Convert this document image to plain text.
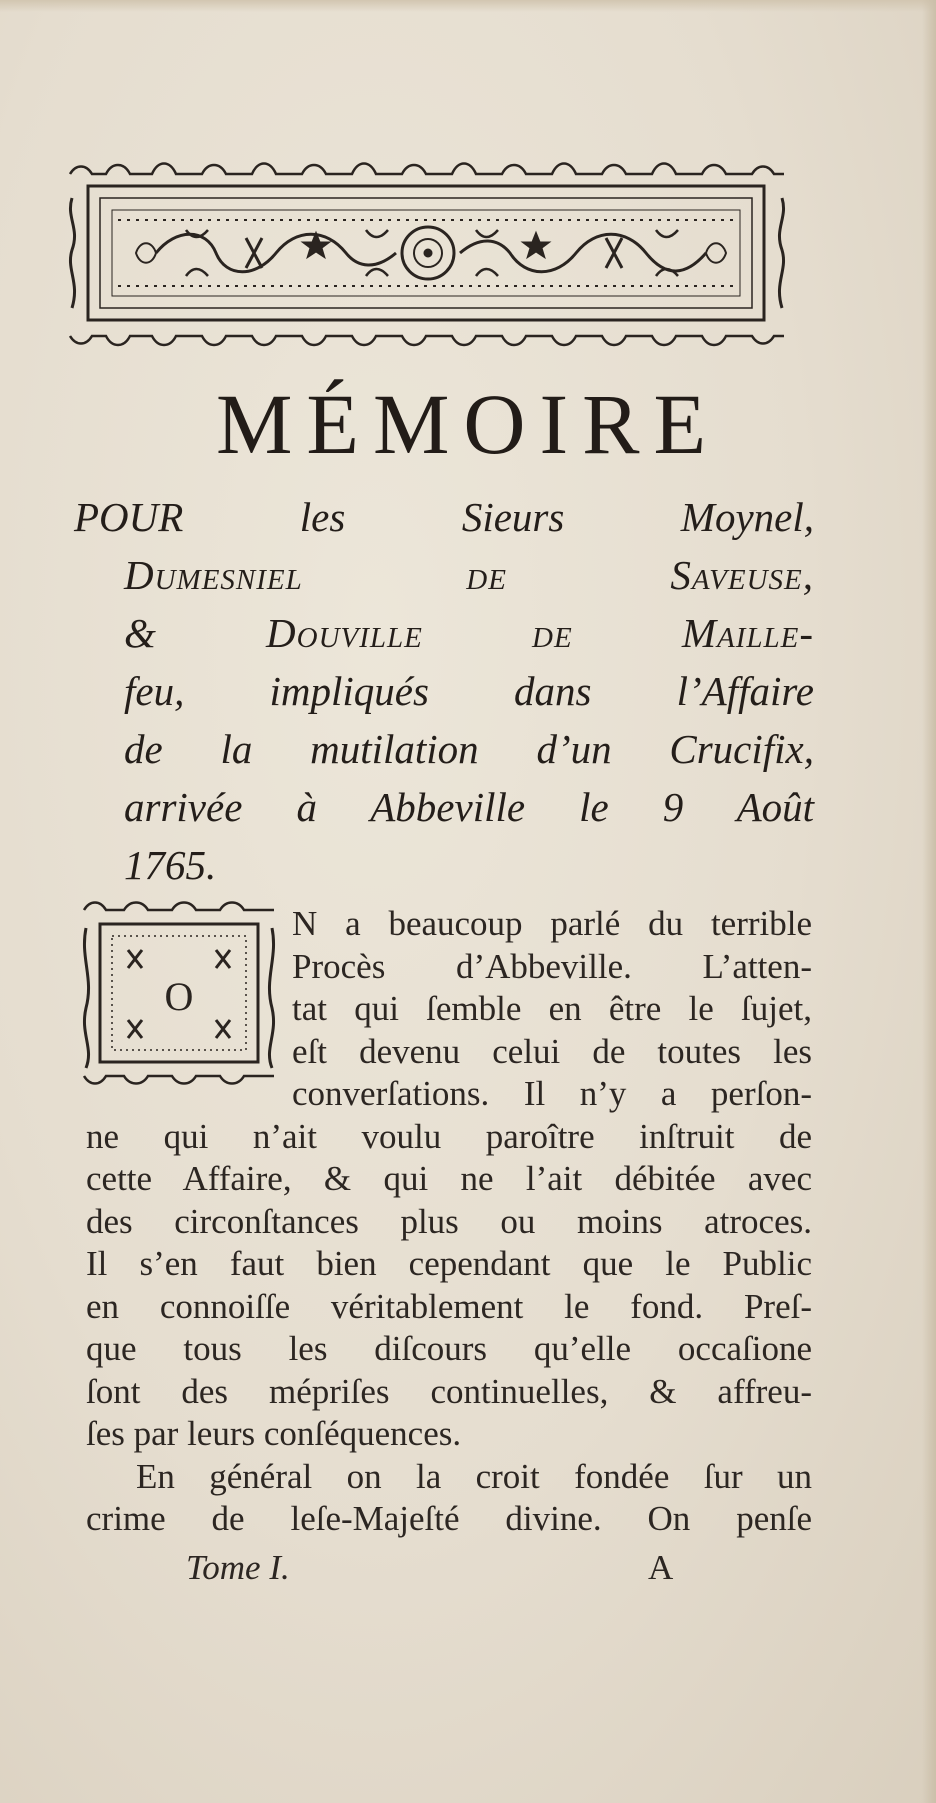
MÉMOIRE
POUR les Sieurs Moynel,
Dumesniel de Saveuse,
& Douville de Maille-
feu, impliqués dans l’Affaire
de la mutilation d’un Crucifix,
arrivée à Abbeville le 9 Août
1765.
O
N a beaucoup parlé du terrible
Procès d’Abbeville. L’atten-
tat qui ſemble en être le ſujet,
eſt devenu celui de toutes les
converſations. Il n’y a perſon-
ne qui n’ait voulu paroître inſtruit de
cette Affaire, & qui ne l’ait débitée avec
des circonſtances plus ou moins atroces.
Il s’en faut bien cependant que le Public
en connoiſſe véritablement le fond. Preſ-
que tous les diſcours qu’elle occaſione
ſont des mépriſes continuelles, & affreu-
ſes par leurs conſéquences.
En général on la croit fondée ſur un
crime de leſe-Majeſté divine. On penſe
Tome I.	A
